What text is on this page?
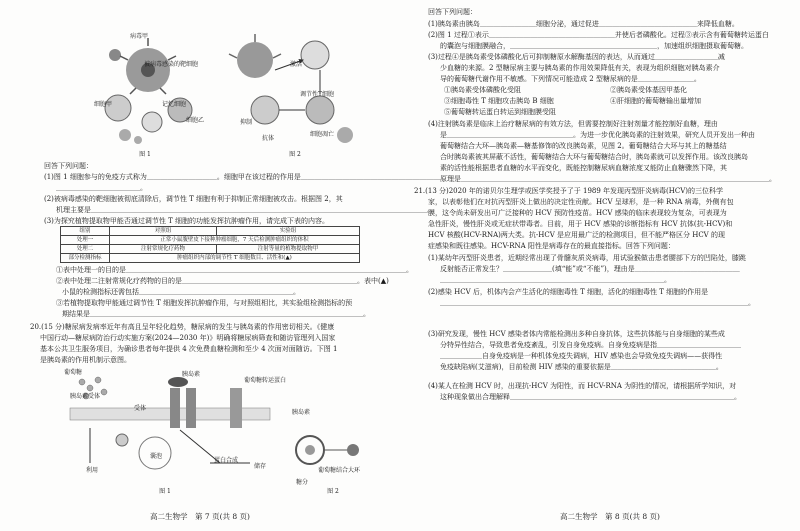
病毒甲
被病毒感染的靶细胞
细胞甲	记忆细胞
细胞乙
图 1
激活
调节性T细胞
抑制
细胞凋亡
抗体
图 2
回答下列问题：
(1)图 1 细胞参与的免疫方式称为＿＿＿＿＿＿＿＿＿＿。细胞甲在该过程的作用是＿＿＿＿＿＿＿＿＿＿＿＿＿＿＿＿＿＿＿＿
＿＿＿＿＿＿＿＿＿＿＿＿。
(2)被病毒感染的靶细胞被彻底清除后，调节性 T 细胞有利于抑制正常细胞被攻击。根据图 2，其
机理主要是＿＿＿＿＿＿＿＿＿＿＿＿＿＿＿＿＿＿＿＿＿＿＿＿＿＿＿＿＿＿＿＿＿＿＿＿＿＿＿＿＿＿＿＿＿＿＿＿。
(3)为探究植物提取物甲能否通过调节性 T 细胞的功能发挥抗肿瘤作用，请完成下表的内容。
组别	对照组	实验组
处理一	正常小鼠腹壁皮下接种肿瘤细胞，7 天后检测肿瘤组织的体积	
处理二	注射常规化疗药物	注射等量的植物提取物甲
部分检测指标	肿瘤组织内部的调节性 T 细胞数目、活性和(▲)	
①表中处理一的目的是＿＿＿＿＿＿＿＿＿＿＿＿＿＿＿＿＿＿＿＿＿＿＿＿＿＿＿＿＿＿＿＿＿＿＿＿＿＿＿＿。
②表中处理二注射常规化疗药物的目的是＿＿＿＿＿＿＿＿＿＿＿＿＿＿＿＿＿＿＿＿＿＿＿＿＿。表中(▲)
小鼠的检测指标还需包括＿＿＿＿＿＿＿＿＿＿＿＿＿＿＿＿＿＿＿＿＿＿。
③若植物提取物甲能通过调节性 T 细胞发挥抗肿瘤作用，与对照组相比，其实验组检测指标的预
期结果是＿＿＿＿＿＿＿＿＿＿＿＿＿＿＿＿＿＿＿＿＿＿＿＿＿＿＿＿＿＿＿＿＿＿＿＿＿＿＿。
20.(15 分)糖尿病发病率近年有高且呈年轻化趋势，糖尿病的发生与胰岛素的作用密切相关。《健康
中国行动—糖尿病防治行动实施方案(2024—2030 年)》明确将糖尿病筛查和随访管理列入国家
基本公共卫生服务项目，为确诊患者每年提供 4 次免费血糖检测和至少 4 次面对面随访。下图 1
是胰岛素的作用机制示意图。
葡萄糖	胰岛素
受体
葡萄糖转运蛋白
囊泡
利用
蛋白合成
储存
胰岛素受体
图 1
胰岛素
葡萄糖结合大环
糖分
图 2
高二生物学　第 7 页(共 8 页)
回答下列问题：
(1)胰岛素由胰岛＿＿＿＿＿＿＿＿细胞分泌，通过促进＿＿＿＿＿＿＿＿＿＿＿＿＿＿来降低血糖。
(2)图 1 过程①表示＿＿＿＿＿＿＿＿＿＿＿＿＿＿＿＿＿＿并使后者磷酸化。过程③表示含有葡萄糖转运蛋白
的囊泡与细胞膜融合，＿＿＿＿＿＿＿＿＿＿＿＿＿＿＿＿＿＿＿＿＿，加速组织细胞摄取葡萄糖。
(3)过程④是胰岛素受体磷酸化后可抑制糖原水解酶基因的表达，从而通过＿＿＿＿＿＿＿＿＿减
少血糖的来源。2 型糖尿病主要与胰岛素的作用效果降低有关，表现为组织细胞对胰岛素介
导的葡萄糖代谢作用不敏感。下列情况可能造成 2 型糖尿病的是＿＿＿＿＿＿＿＿。
①胰岛素受体磷酸化受阻	②胰岛素受体基因甲基化
③细胞毒性 T 细胞攻击胰岛 B 细胞	④肝细胞的葡萄糖输出量增加
⑤葡萄糖转运蛋白转运到细胞膜受阻
(4)注射胰岛素是临床上治疗糖尿病的有效方法，但需要控制好注射剂量才能控制好血糖，理由
是＿＿＿＿＿＿＿＿＿＿＿＿＿＿＿＿＿＿。为进一步优化胰岛素的注射效果，研究人员开发出一种由
葡萄糖结合大环—胰岛素—糖基修饰的改良胰岛素，见图 2。葡萄糖结合大环与其上的糖基结
合时胰岛素被其屏蔽不活性，葡萄糖结合大环与葡萄糖结合时，胰岛素就可以发挥作用。该改良胰岛
素的活性能根据患者血糖的水平而变化，既能控制糖尿病血糖浓度又能防止血糖骤然下降，其
原理是＿＿＿＿＿＿＿＿＿＿＿＿＿＿＿＿＿＿＿＿＿＿＿＿＿＿＿＿＿＿＿＿＿＿＿＿＿＿＿＿＿＿＿＿。
21.(13 分)2020 年的诺贝尔生理学或医学奖授予了于 1989 年发现丙型肝炎病毒(HCV)的三位科学
家，以表彰他们在对抗丙型肝炎上做出的决定性贡献。HCV 呈球形，是一种 RNA 病毒，外侧有包
膜，这令尚未研发出可广泛接种的 HCV 预防性疫苗。HCV 感染的临床表现较为复杂，可表现为
急性肝炎，慢性肝炎或无症状带毒者。目前，用于 HCV 感染的诊断指标有 HCV 抗体(抗-HCV)和
HCV 核酸(HCV-RNA)两大类。抗-HCV 是应用最广泛的检测项目，但不能严格区分 HCV 的现
症感染和既往感染。HCV-RNA 阳性是病毒存在的最直接指标。回答下列问题：
(1)某幼年丙型肝炎患者，近期经常出现了骨髓灰质炎病毒，用试验猴做击患者腰部下方的凹陷处，膝跳
反射能否正常发生？＿＿＿＿＿＿＿(填“能”或“不能”)，理由是＿＿＿＿＿＿＿＿＿＿＿＿＿＿＿
＿＿＿＿＿＿＿＿＿＿＿＿＿＿＿＿＿＿＿＿＿＿＿＿＿＿＿＿＿＿＿＿。
(2)感染 HCV 后，机体内会产生活化的细胞毒性 T 细胞，活化的细胞毒性 T 细胞的作用是
＿＿＿＿＿＿＿＿＿＿＿＿＿＿＿＿＿＿＿＿＿＿＿＿＿＿＿＿＿＿＿＿＿＿＿＿＿＿＿＿＿＿＿＿。
(3)研究发现，慢性 HCV 感染者体内常能检测出多种自身抗体，这些抗体能与自身细胞的某些成
分特异性结合，导致患者免疫紊乱，引发自身免疫病。自身免疫病是指＿＿＿＿＿＿＿＿＿＿＿＿
＿＿＿＿＿＿自身免疫病是一种机体免疫失调病，HIV 感染也会导致免疫失调病——获得性
免疫缺陷病(艾滋病)，目前检测 HIV 感染的重要依据是＿＿＿＿＿＿＿＿＿＿＿＿＿＿＿。
(4)某人在检测 HCV 时，出现抗-HCV 为阳性，而 HCV-RNA 为阴性的情况，请根据所学知识，对
这种现象做出合理解释＿＿＿＿＿＿＿＿＿＿＿＿＿＿＿＿＿＿＿＿＿＿＿＿＿＿＿＿＿＿＿＿。
高二生物学　第 8 页(共 8 页)
